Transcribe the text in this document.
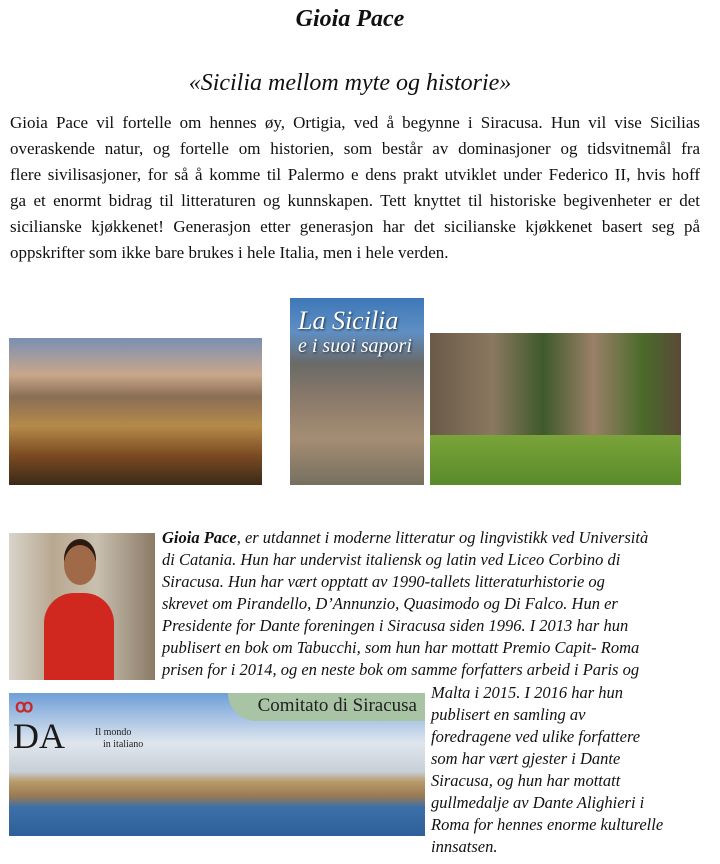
Gioia Pace
«Sicilia mellom myte og historie»
Gioia Pace vil fortelle om hennes øy, Ortigia, ved å begynne i Siracusa. Hun vil vise Sicilias
overaskende natur, og fortelle om historien, som består av dominasjoner og tidsvitnemål fra
flere sivilisasjoner, for så å komme til Palermo e dens prakt utviklet under Federico II, hvis hoff
ga et enormt bidrag til litteraturen og kunnskapen. Tett knyttet til historiske begivenheter er det
sicilianske kjøkkenet! Generasjon etter generasjon har det sicilianske kjøkkenet basert seg på
oppskrifter som ikke bare brukes i hele Italia, men i hele verden.
La Sicilia
e i suoi sapori
Gioia Pace, er utdannet i moderne litteratur og lingvistikk ved Università
di Catania. Hun har undervist italiensk og latin ved Liceo Corbino di
Siracusa. Hun har vært opptatt av 1990-tallets litteraturhistorie og
skrevet om Pirandello, D’Annunzio, Quasimodo og Di Falco. Hun er
Presidente for Dante foreningen i Siracusa siden 1996. I 2013 har hun
publisert en bok om Tabucchi, som hun har mottatt Premio Capit- Roma
prisen for i 2014, og en neste bok om samme forfatters arbeid i Paris og
ꝏ
DA	Il mondo
in italiano
Comitato di Siracusa
Malta i 2015. I 2016 har hun
publisert en samling av
foredragene ved ulike forfattere
som har vært gjester i Dante
Siracusa, og hun har mottatt
gullmedalje av Dante Alighieri i
Roma for hennes enorme kulturelle
innsatsen.
